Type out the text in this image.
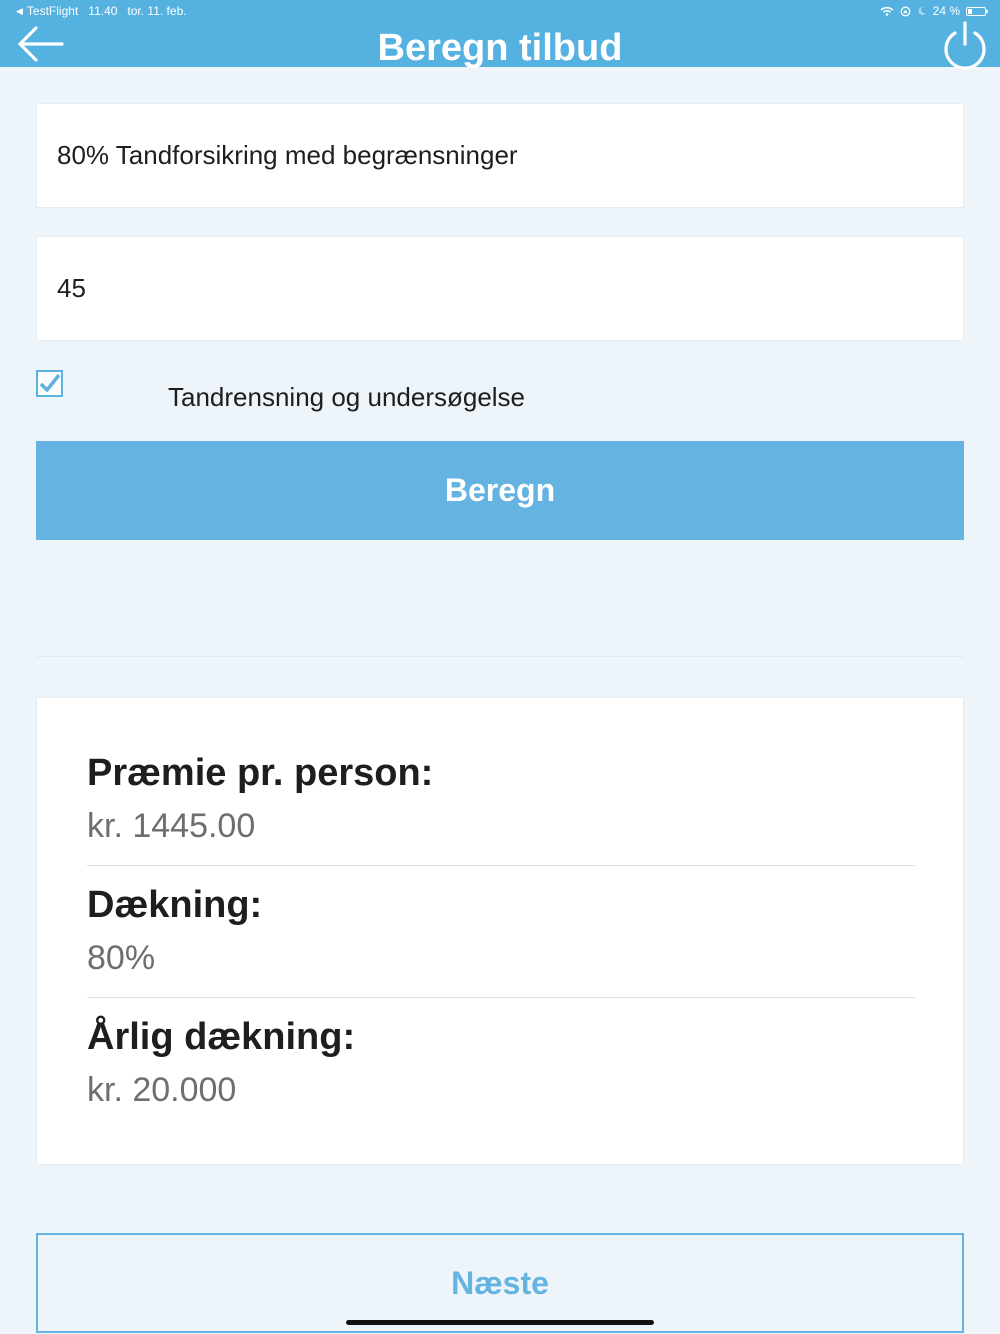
◀ TestFlight 11.40 tor. 11. feb.	24 %
Beregn tilbud
80% Tandforsikring med begrænsninger
45
Tandrensning og undersøgelse
Beregn
Præmie pr. person:
kr. 1445.00
Dækning:
80%
Årlig dækning:
kr. 20.000
Næste
